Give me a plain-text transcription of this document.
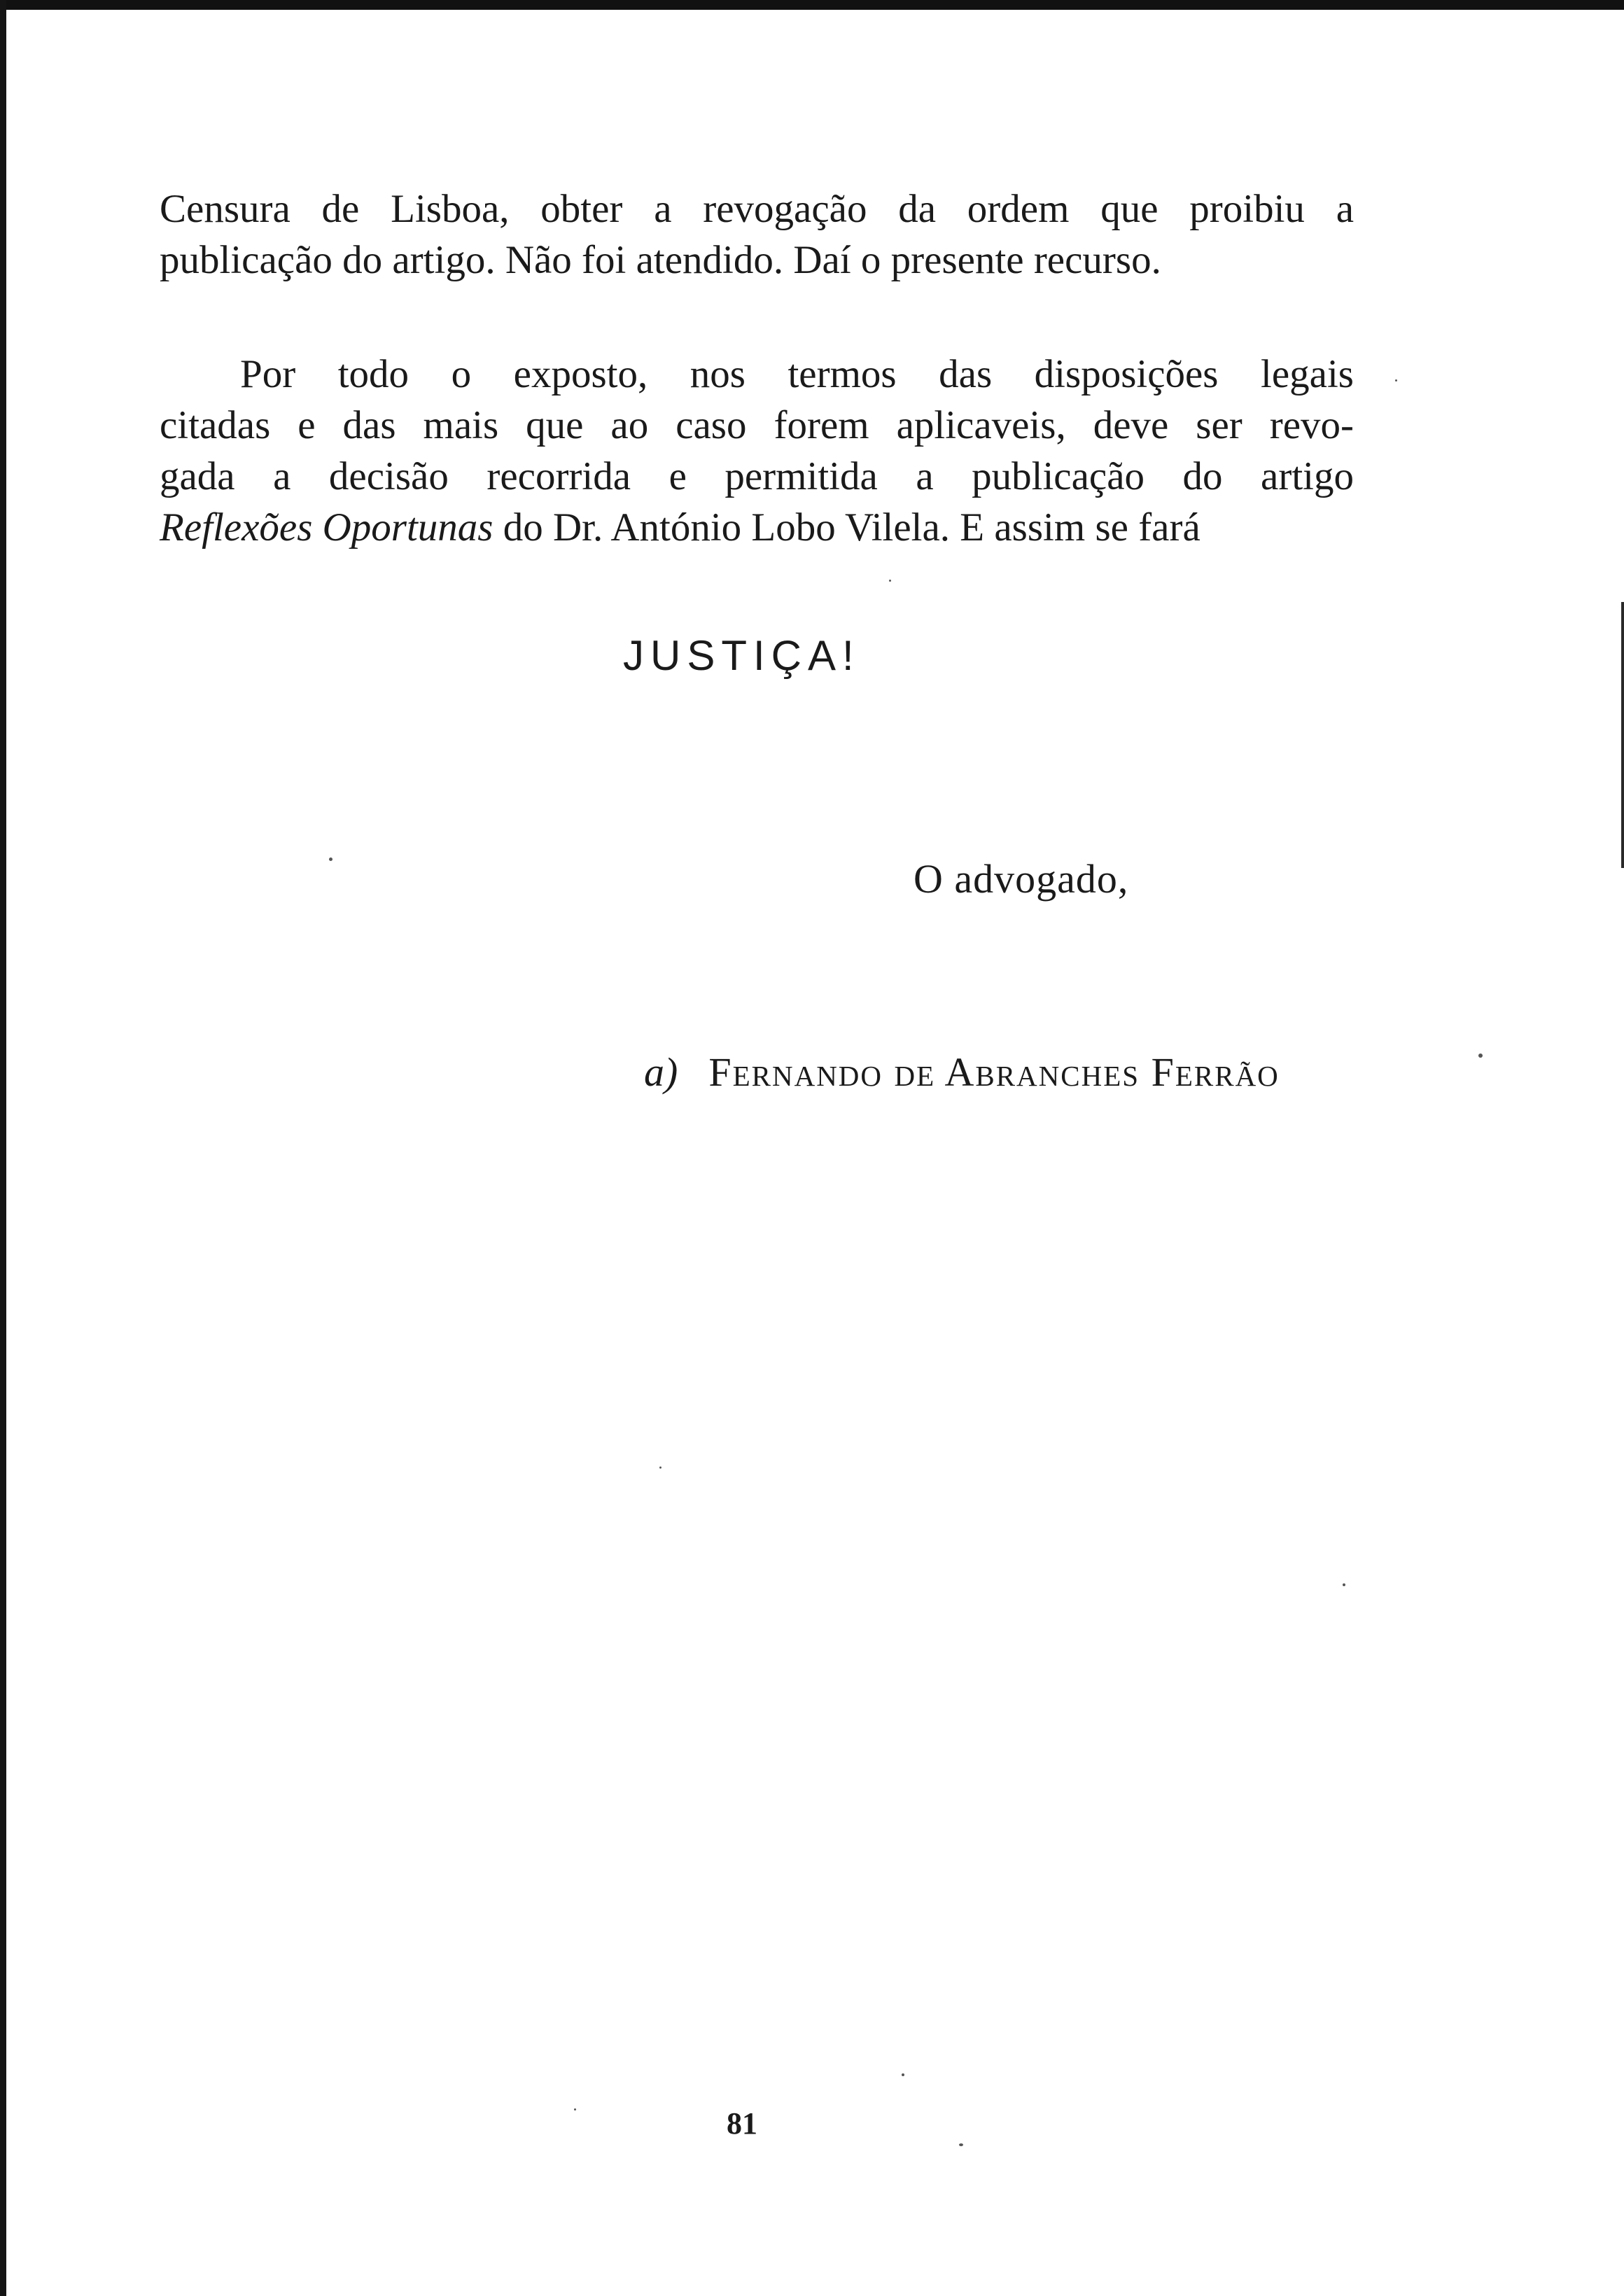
Censura de Lisboa, obter a revogação da ordem que proibiu a
publicação do artigo. Não foi atendido. Daí o presente recurso.

Por todo o exposto, nos termos das disposições legais
citadas e das mais que ao caso forem aplicaveis, deve ser revo-
gada a decisão recorrida e permitida a publicação do artigo
Reflexões Oportunas do Dr. António Lobo Vilela. E assim se fará

JUSTIÇA!
O advogado,
a) Fernando de Abranches Ferrão
81
